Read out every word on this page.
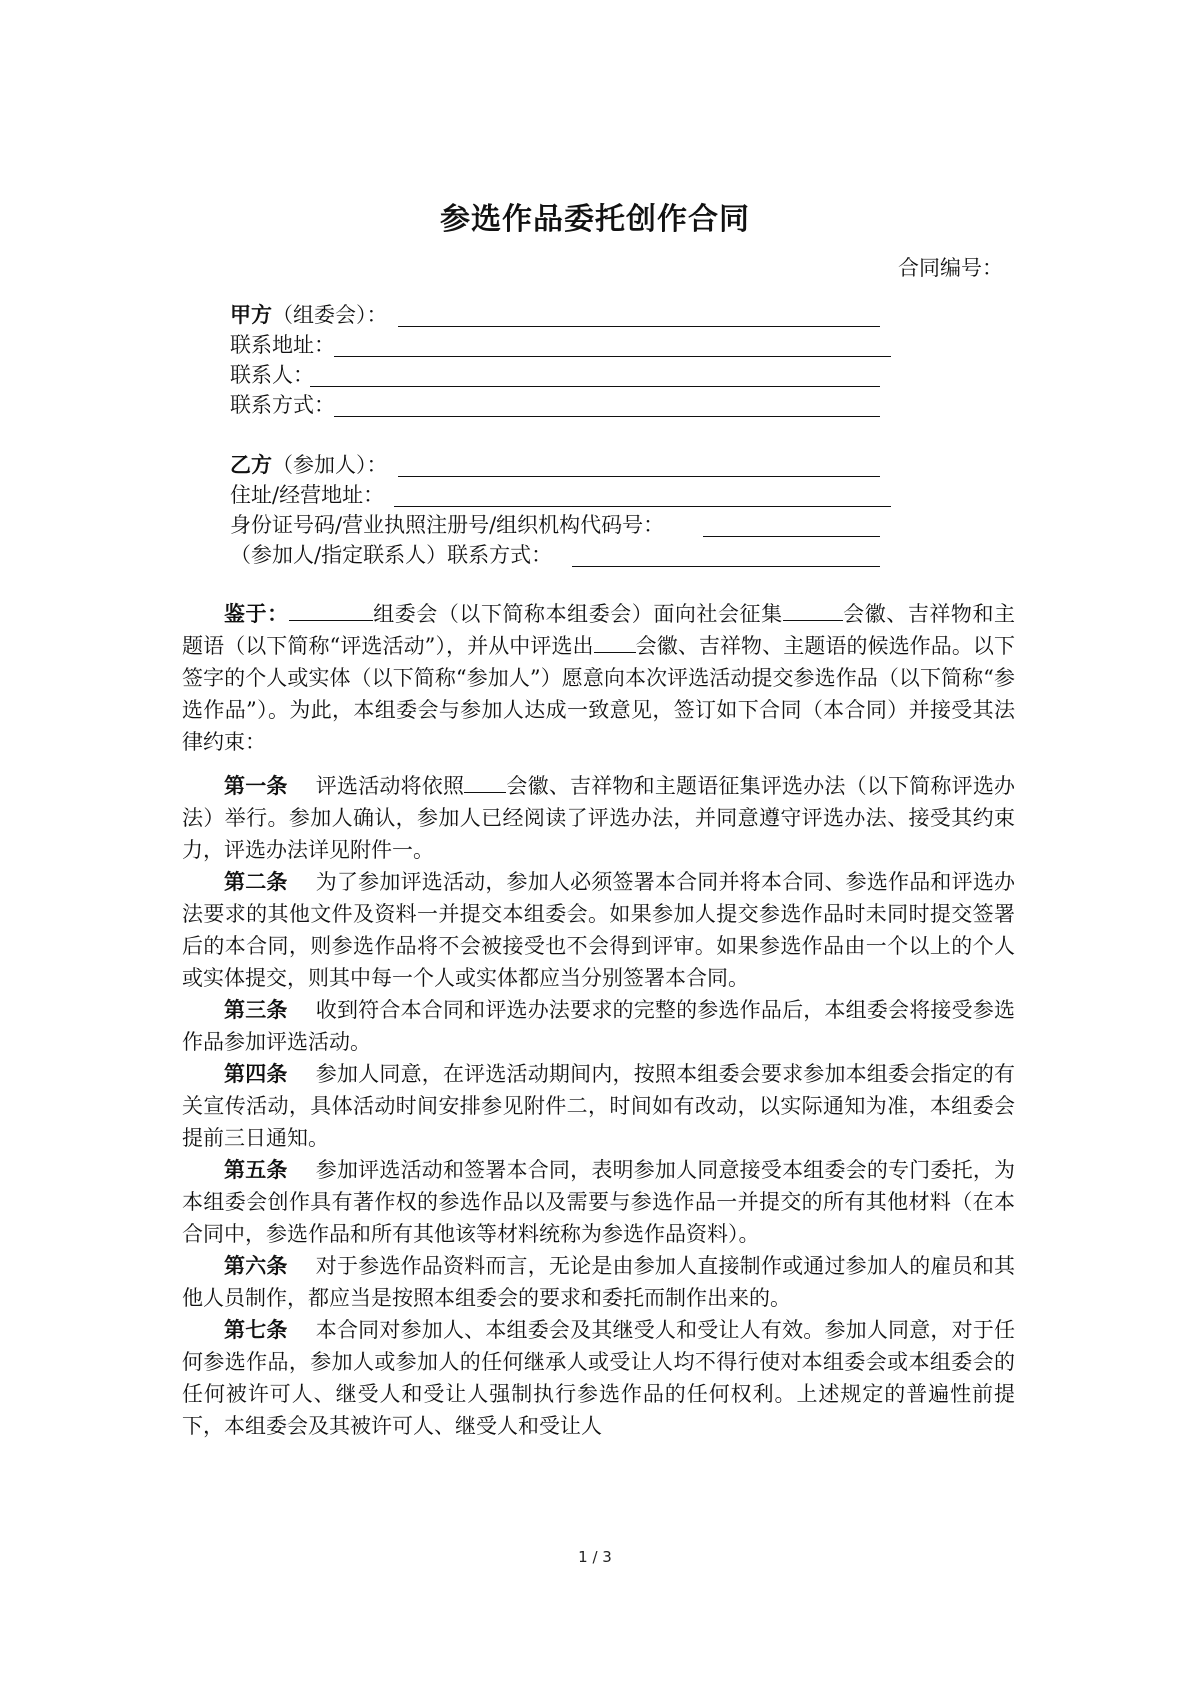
参选作品委托创作合同
合同编号：
甲方（组委会）：
联系地址：
联系人：
联系方式：
乙方（参加人）：
住址/经营地址：
身份证号码/营业执照注册号/组织机构代码号：
（参加人/指定联系人）联系方式：

鉴于：	组委会（以下简称本组委会）面向社会征集	会徽、吉祥物和主题语（以下简称“评选活动”），并从中评选出 会徽、吉祥物、主题语的候选作品。以下签字的个人或实体（以下简称“参加人”）愿意向本次评选活动提交参选作品（以下简称“参选作品”）。为此，本组委会与参加人达成一致意见，签订如下合同（本合同）并接受其法律约束：

第一条 评选活动将依照 会徽、吉祥物和主题语征集评选办法（以下简称评选办法）举行。参加人确认，参加人已经阅读了评选办法，并同意遵守评选办法、接受其约束力，评选办法详见附件一。

第二条 为了参加评选活动，参加人必须签署本合同并将本合同、参选作品和评选办法要求的其他文件及资料一并提交本组委会。如果参加人提交参选作品时未同时提交签署后的本合同，则参选作品将不会被接受也不会得到评审。如果参选作品由一个以上的个人或实体提交，则其中每一个人或实体都应当分别签署本合同。

第三条 收到符合本合同和评选办法要求的完整的参选作品后，本组委会将接受参选作品参加评选活动。

第四条 参加人同意，在评选活动期间内，按照本组委会要求参加本组委会指定的有关宣传活动，具体活动时间安排参见附件二，时间如有改动，以实际通知为准，本组委会提前三日通知。

第五条 参加评选活动和签署本合同，表明参加人同意接受本组委会的专门委托，为本组委会创作具有著作权的参选作品以及需要与参选作品一并提交的所有其他材料（在本合同中，参选作品和所有其他该等材料统称为参选作品资料）。

第六条 对于参选作品资料而言，无论是由参加人直接制作或通过参加人的雇员和其他人员制作，都应当是按照本组委会的要求和委托而制作出来的。

第七条 本合同对参加人、本组委会及其继受人和受让人有效。参加人同意，对于任何参选作品，参加人或参加人的任何继承人或受让人均不得行使对本组委会或本组委会的任何被许可人、继受人和受让人强制执行参选作品的任何权利。上述规定的普遍性前提下，本组委会及其被许可人、继受人和受让人

1 / 3
